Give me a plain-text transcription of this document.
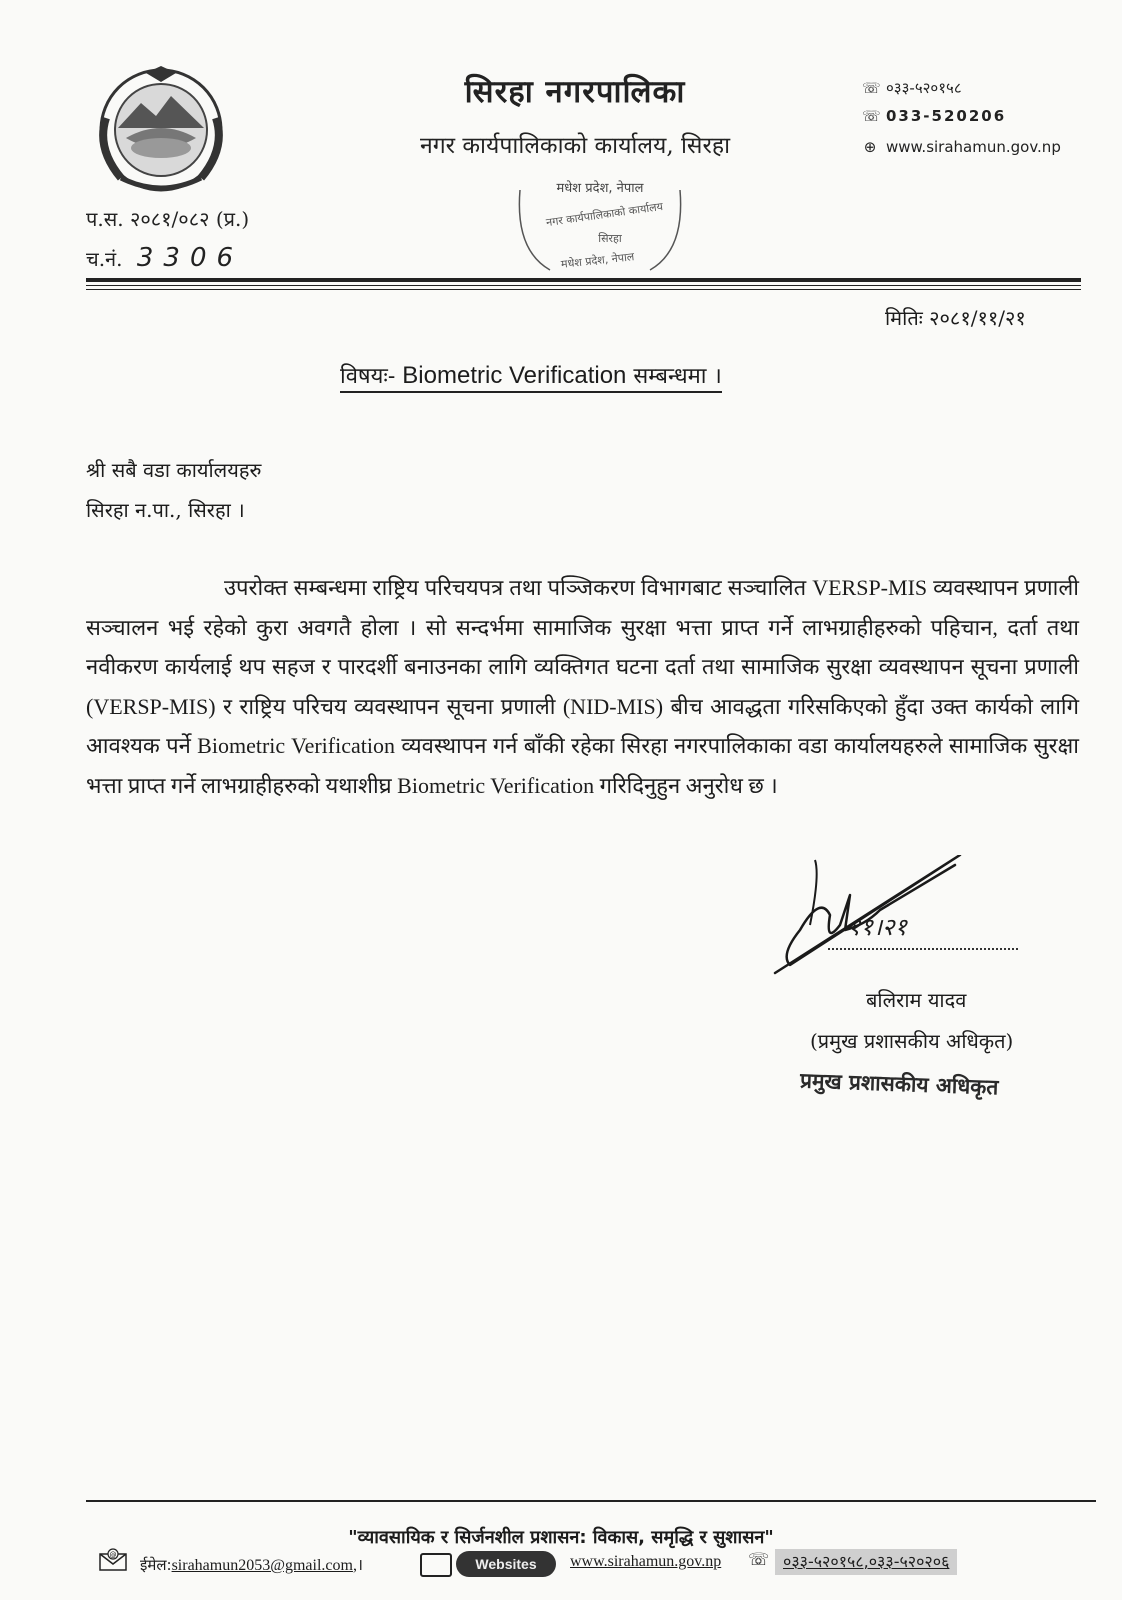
सिरहा नगरपालिका
नगर कार्यपालिकाको कार्यालय, सिरहा
☏ ०३३-५२०१५८
☏ 033-520206
⊕ www.sirahamun.gov.np
मधेश प्रदेश, नेपाल
नगर कार्यपालिकाको कार्यालय
सिरहा
मधेश प्रदेश, नेपाल
प.स. २०८१/०८२ (प्र.)
च.नं. 3306
मितिः २०८१/११/२१
विषयः- Biometric Verification सम्बन्धमा ।
श्री सबै वडा कार्यालयहरु
सिरहा न.पा., सिरहा ।
उपरोक्त सम्बन्धमा राष्ट्रिय परिचयपत्र तथा पञ्जिकरण विभागबाट सञ्चालित VERSP-MIS व्यवस्थापन प्रणाली सञ्चालन भई रहेको कुरा अवगतै होला । सो सन्दर्भमा सामाजिक सुरक्षा भत्ता प्राप्त गर्ने लाभग्राहीहरुको पहिचान, दर्ता तथा नवीकरण कार्यलाई थप सहज र पारदर्शी बनाउनका लागि व्यक्तिगत घटना दर्ता तथा सामाजिक सुरक्षा व्यवस्थापन सूचना प्रणाली (VERSP-MIS) र राष्ट्रिय परिचय व्यवस्थापन सूचना प्रणाली (NID-MIS) बीच आवद्धता गरिसकिएको हुँदा उक्त कार्यको लागि आवश्यक पर्ने Biometric Verification व्यवस्थापन गर्न बाँकी रहेका सिरहा नगरपालिकाका वडा कार्यालयहरुले सामाजिक सुरक्षा भत्ता प्राप्त गर्ने लाभग्राहीहरुको यथाशीघ्र Biometric Verification गरिदिनुहुन अनुरोध छ ।
११।२१
बलिराम यादव
(प्रमुख प्रशासकीय अधिकृत)
प्रमुख प्रशासकीय अधिकृत
"व्यावसायिक र सिर्जनशील प्रशासन: विकास, समृद्धि र सुशासन"
@
ईमेल:sirahamun2053@gmail.com,।	Websites	www.sirahamun.gov.np ☏ ०३३-५२०१५८,०३३-५२०२०६
